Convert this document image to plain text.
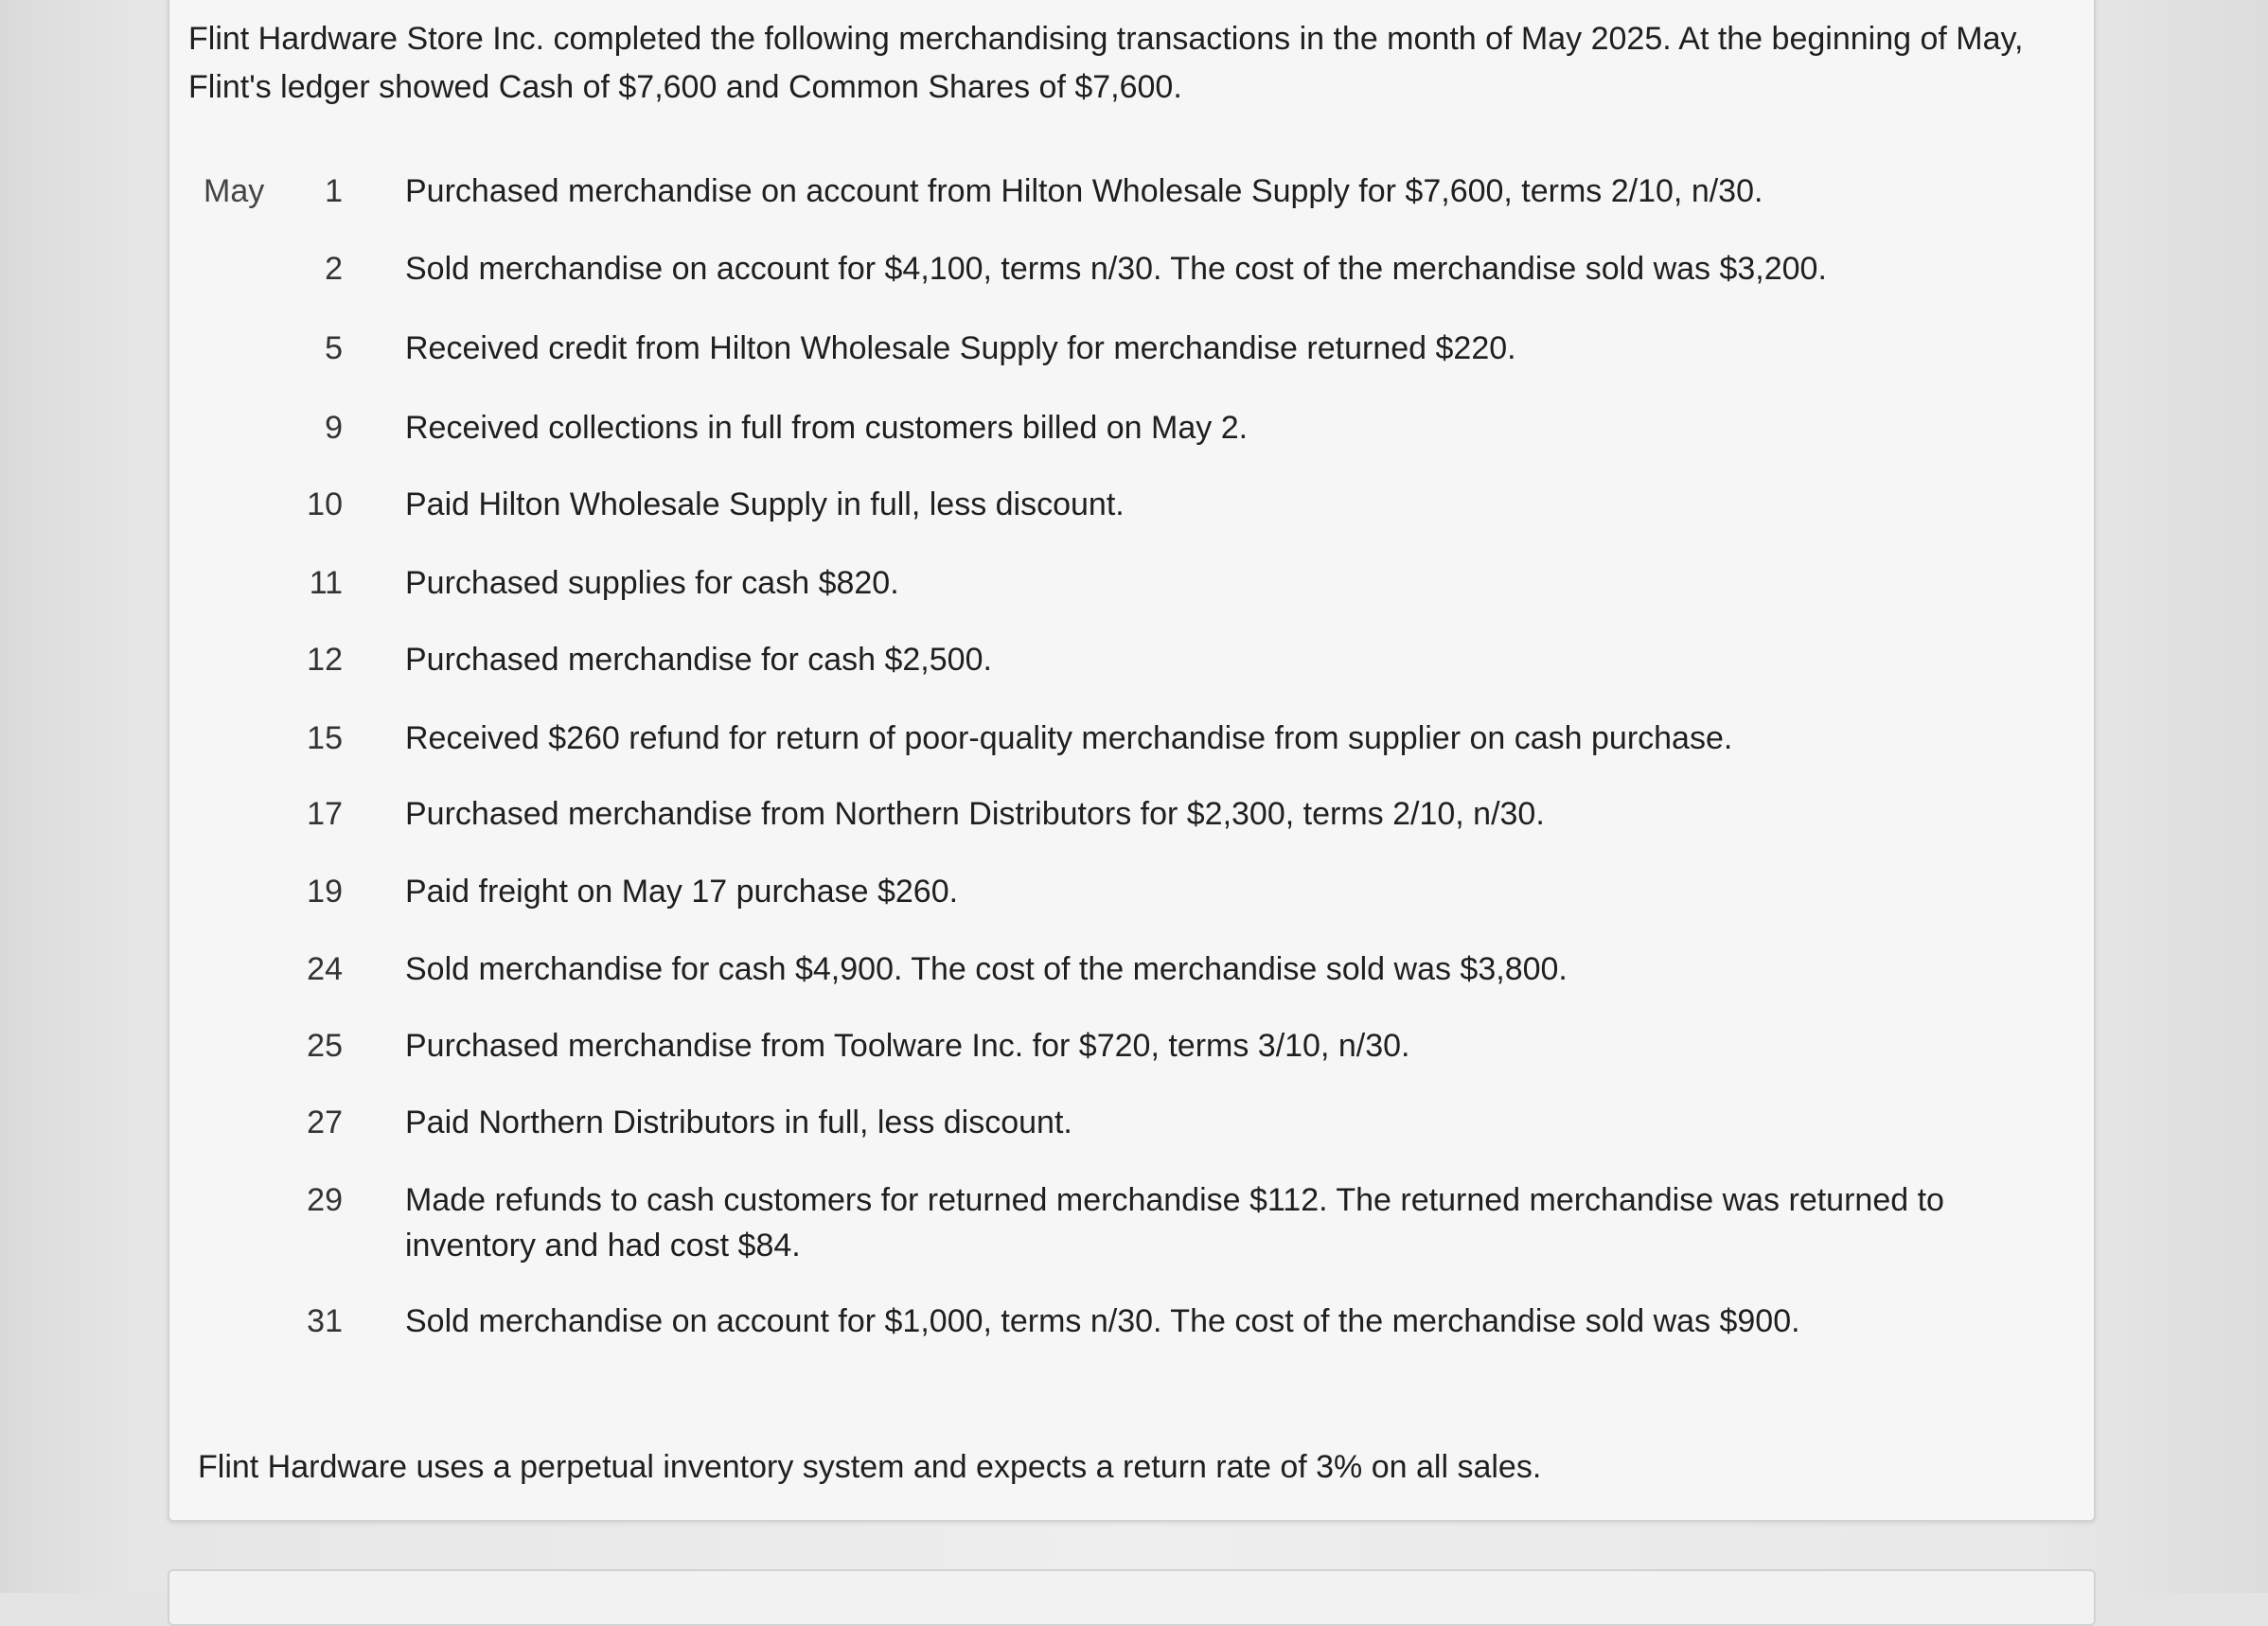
Flint Hardware Store Inc. completed the following merchandising transactions in the month of May 2025. At the beginning of May, Flint's ledger showed Cash of $7,600 and Common Shares of $7,600.

May	1 Purchased merchandise on account from Hilton Wholesale Supply for $7,600, terms 2/10, n/30.
2 Sold merchandise on account for $4,100, terms n/30. The cost of the merchandise sold was $3,200.
5 Received credit from Hilton Wholesale Supply for merchandise returned $220.
9 Received collections in full from customers billed on May 2.
10 Paid Hilton Wholesale Supply in full, less discount.
11 Purchased supplies for cash $820.
12 Purchased merchandise for cash $2,500.
15 Received $260 refund for return of poor-quality merchandise from supplier on cash purchase.
17 Purchased merchandise from Northern Distributors for $2,300, terms 2/10, n/30.
19 Paid freight on May 17 purchase $260.
24 Sold merchandise for cash $4,900. The cost of the merchandise sold was $3,800.
25 Purchased merchandise from Toolware Inc. for $720, terms 3/10, n/30.
27 Paid Northern Distributors in full, less discount.
29 Made refunds to cash customers for returned merchandise $112. The returned merchandise was returned to inventory and had cost $84.
31 Sold merchandise on account for $1,000, terms n/30. The cost of the merchandise sold was $900.

Flint Hardware uses a perpetual inventory system and expects a return rate of 3% on all sales.
